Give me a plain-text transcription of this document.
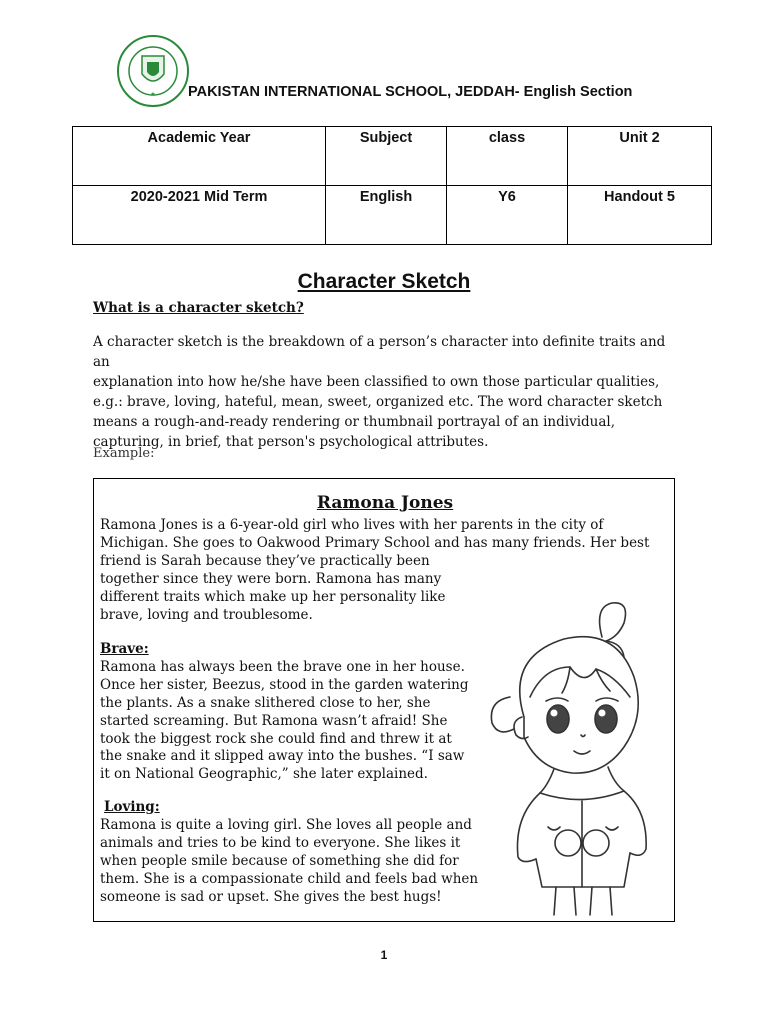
★ PAKISTAN INTERNATIONAL SCHOOL, JEDDAH- English Section
Academic Year	Subject	class	Unit 2
2020-2021 Mid Term	English	Y6	Handout 5
Character Sketch
What is a character sketch?
A character sketch is the breakdown of a person’s character into definite traits and an
explanation into how he/she have been classified to own those particular qualities,
e.g.: brave, loving, hateful, mean, sweet, organized etc. The word character sketch
means a rough-and-ready rendering or thumbnail portrayal of an individual,
capturing, in brief, that person's psychological attributes.
Example:
Ramona Jones
Ramona Jones is a 6-year-old girl who lives with her parents in the city of
Michigan. She goes to Oakwood Primary School and has many friends. Her best
friend is Sarah because they’ve practically been
together since they were born. Ramona has many
different traits which make up her personality like
brave, loving and troublesome.
Brave:
Ramona has always been the brave one in her house.
Once her sister, Beezus, stood in the garden watering
the plants. As a snake slithered close to her, she
started screaming. But Ramona wasn’t afraid! She
took the biggest rock she could find and threw it at
the snake and it slipped away into the bushes. “I saw
it on National Geographic,” she later explained.
Loving:
Ramona is quite a loving girl. She loves all people and
animals and tries to be kind to everyone. She likes it
when people smile because of something she did for
them. She is a compassionate child and feels bad when
someone is sad or upset. She gives the best hugs!
1
